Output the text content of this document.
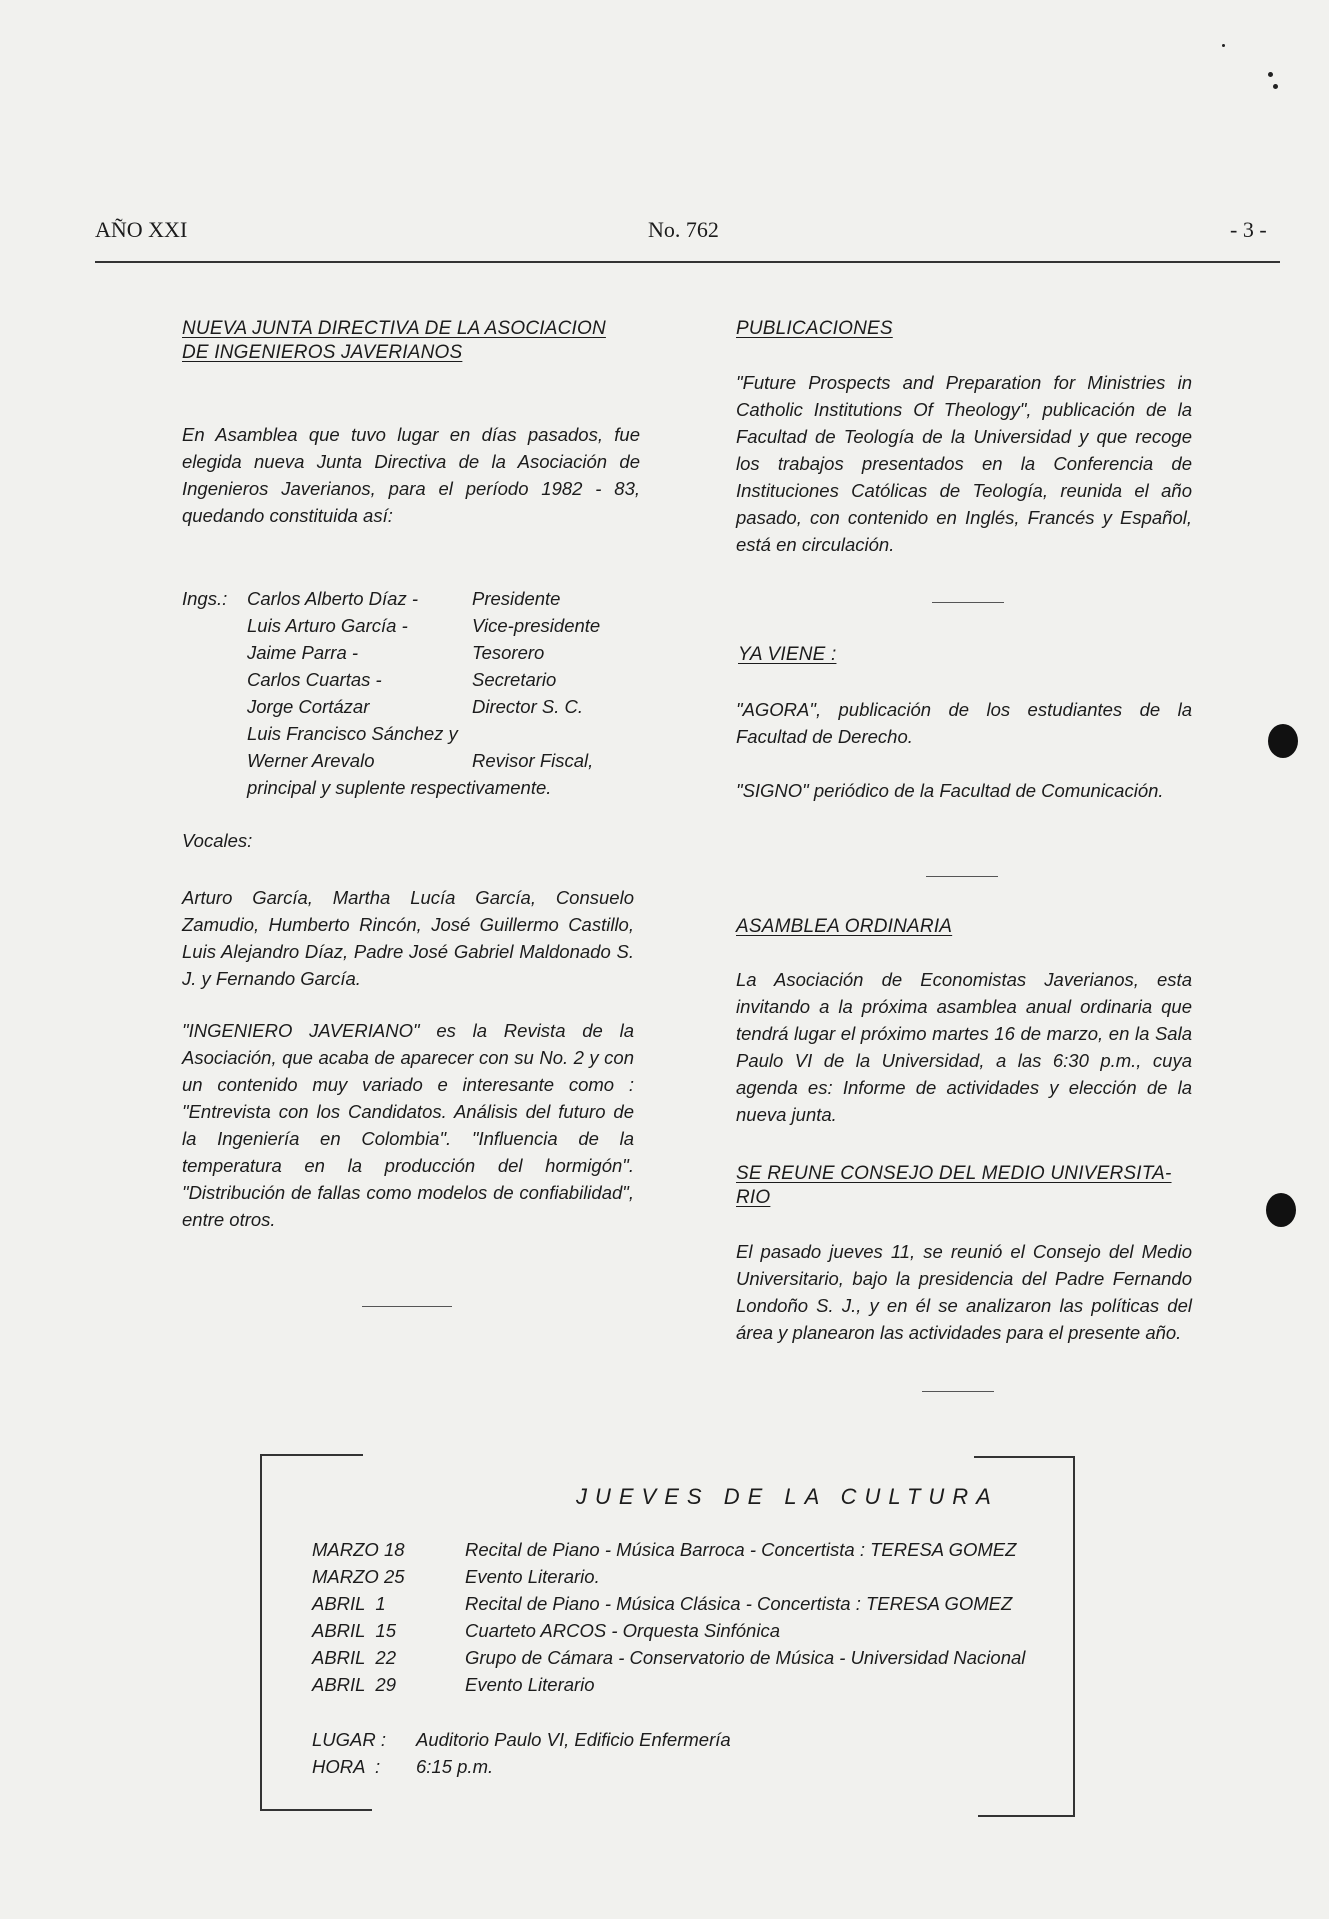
AÑO XXI	No. 762	- 3 -
NUEVA JUNTA DIRECTIVA DE LA ASOCIACION
DE INGENIEROS JAVERIANOS
En Asamblea que tuvo lugar en días pasados, fue elegida nueva Junta Directiva de la Asociación de Ingenieros Javerianos, para el período 1982 - 83, quedando constituida así:
Ings.: Carlos Alberto Díaz -	Presidente
Luis Arturo García -	Vice-presidente
Jaime Parra -	Tesorero
Carlos Cuartas -	Secretario
Jorge Cortázar	Director S. C.
Luis Francisco Sánchez y
Werner Arevalo	Revisor Fiscal,
principal y suplente respectivamente.
Vocales:
Arturo García, Martha Lucía García, Consuelo Zamudio, Humberto Rincón, José Guillermo Castillo, Luis Alejandro Díaz, Padre José Gabriel Maldonado S. J. y Fernando García.
"INGENIERO JAVERIANO" es la Revista de la Asociación, que acaba de aparecer con su No. 2 y con un contenido muy variado e interesante como : "Entrevista con los Candidatos. Análisis del futuro de la Ingeniería en Colombia". "Influencia de la temperatura en la producción del hormigón". "Distribución de fallas como modelos de confiabilidad", entre otros.
PUBLICACIONES
"Future Prospects and Preparation for Ministries in Catholic Institutions Of Theology", publicación de la Facultad de Teología de la Universidad y que recoge los trabajos presentados en la Conferencia de Instituciones Católicas de Teología, reunida el año pasado, con contenido en Inglés, Francés y Español, está en circulación.
YA VIENE :
"AGORA", publicación de los estudiantes de la Facultad de Derecho.
"SIGNO" periódico de la Facultad de Comunicación.
ASAMBLEA ORDINARIA
La Asociación de Economistas Javerianos, esta invitando a la próxima asamblea anual ordinaria que tendrá lugar el próximo martes 16 de marzo, en la Sala Paulo VI de la Universidad, a las 6:30 p.m., cuya agenda es: Informe de actividades y elección de la nueva junta.
SE REUNE CONSEJO DEL MEDIO UNIVERSITA-
RIO
El pasado jueves 11, se reunió el Consejo del Medio Universitario, bajo la presidencia del Padre Fernando Londoño S. J., y en él se analizaron las políticas del área y planearon las actividades para el presente año.
JUEVES DE LA CULTURA
MARZO 18	Recital de Piano - Música Barroca - Concertista : TERESA GOMEZ
MARZO 25	Evento Literario.
ABRIL  1	Recital de Piano - Música Clásica - Concertista : TERESA GOMEZ
ABRIL  15	Cuarteto ARCOS - Orquesta Sinfónica
ABRIL  22	Grupo de Cámara - Conservatorio de Música - Universidad Nacional
ABRIL  29	Evento Literario
LUGAR : Auditorio Paulo VI, Edificio Enfermería
HORA  : 6:15 p.m.
